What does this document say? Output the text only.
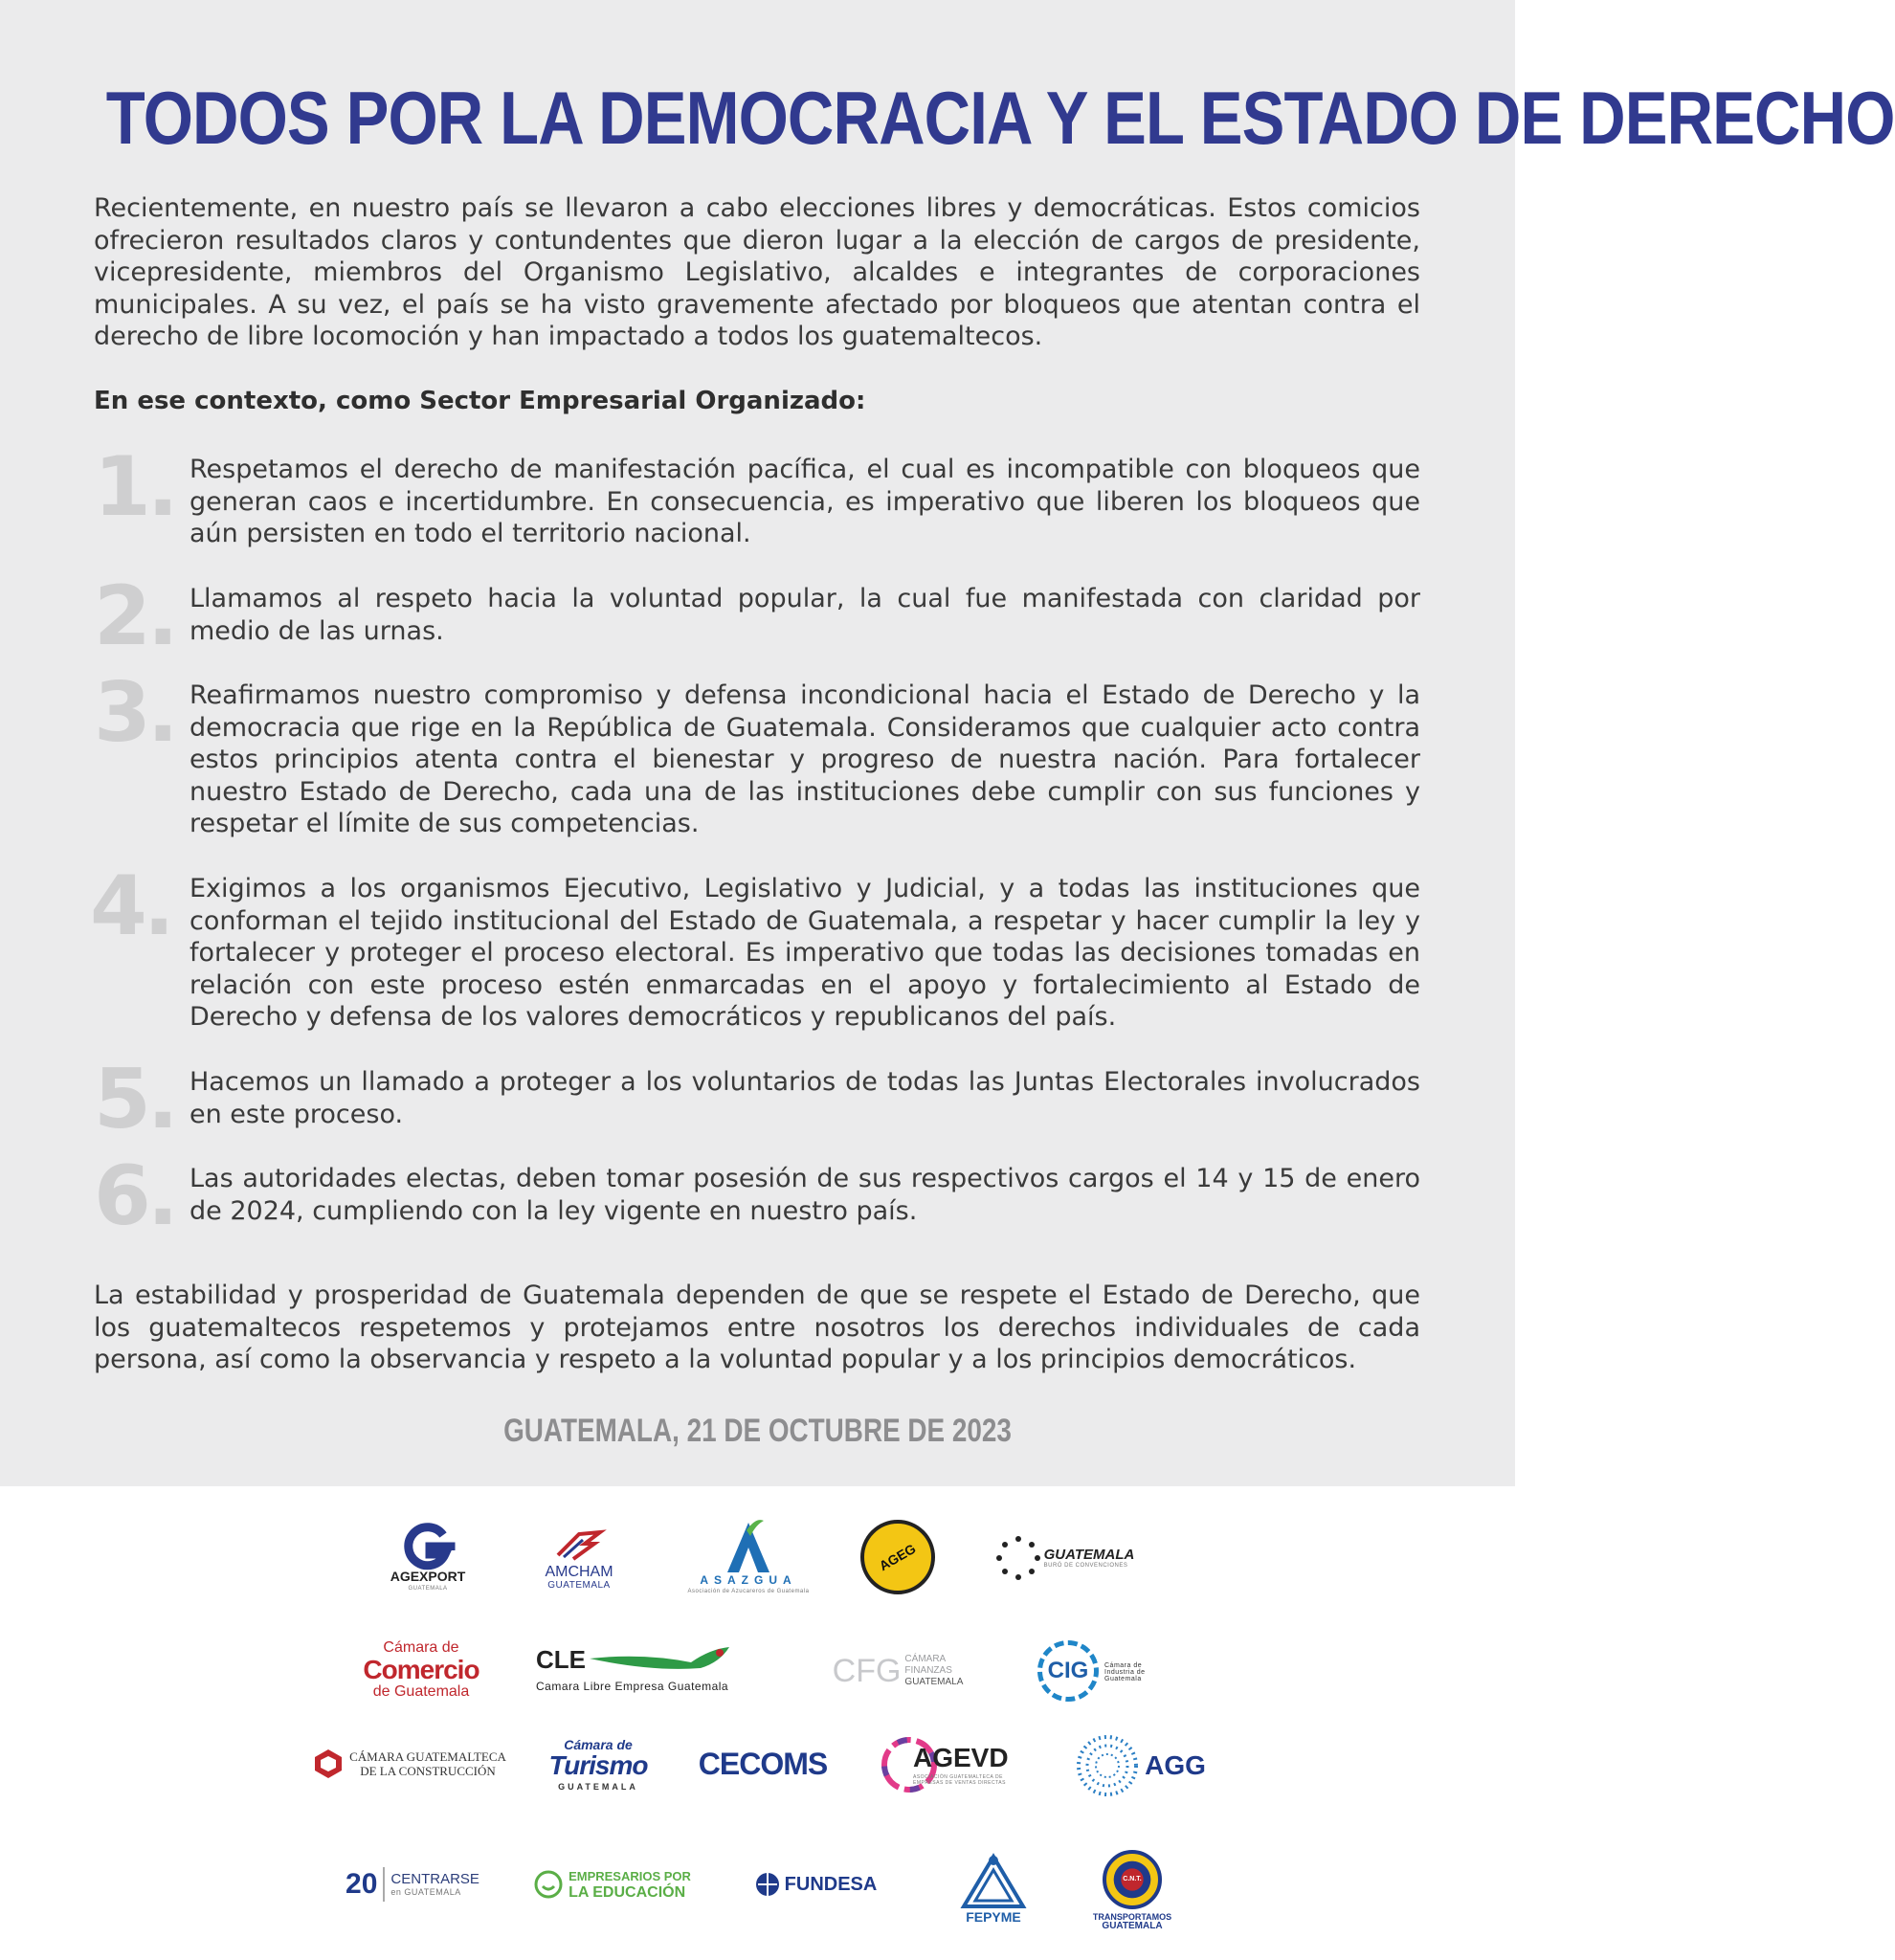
TODOS POR LA DEMOCRACIA Y EL ESTADO DE DERECHO
Recientemente, en nuestro país se llevaron a cabo elecciones libres y democráticas. Estos comicios ofrecieron resultados claros y contundentes que dieron lugar a la elección de cargos de presidente, vicepresidente, miembros del Organismo Legislativo, alcaldes e integrantes de corporaciones municipales. A su vez, el país se ha visto gravemente afectado por bloqueos que atentan contra el derecho de libre locomoción y han impactado a todos los guatemaltecos.
En ese contexto, como Sector Empresarial Organizado:
1. Respetamos el derecho de manifestación pacífica, el cual es incompatible con bloqueos que generan caos e incertidumbre. En consecuencia, es imperativo que liberen los bloqueos que aún persisten en todo el territorio nacional.
2. Llamamos al respeto hacia la voluntad popular, la cual fue manifestada con claridad por medio de las urnas.
3. Reafirmamos nuestro compromiso y defensa incondicional hacia el Estado de Derecho y la democracia que rige en la República de Guatemala. Consideramos que cualquier acto contra estos principios atenta contra el bienestar y progreso de nuestra nación. Para fortalecer nuestro Estado de Derecho, cada una de las instituciones debe cumplir con sus funciones y respetar el límite de sus competencias.
4. Exigimos a los organismos Ejecutivo, Legislativo y Judicial, y a todas las instituciones que conforman el tejido institucional del Estado de Guatemala, a respetar y hacer cumplir la ley y fortalecer y proteger el proceso electoral. Es imperativo que todas las decisiones tomadas en relación con este proceso estén enmarcadas en el apoyo y fortalecimiento al Estado de Derecho y defensa de los valores democráticos y republicanos del país.
5. Hacemos un llamado a proteger a los voluntarios de todas las Juntas Electorales involucrados en este proceso.
6. Las autoridades electas, deben tomar posesión de sus respectivos cargos el 14 y 15 de enero de 2024, cumpliendo con la ley vigente en nuestro país.
La estabilidad y prosperidad de Guatemala dependen de que se respete el Estado de Derecho, que los guatemaltecos respetemos y protejamos entre nosotros los derechos individuales de cada persona, así como la observancia y respeto a la voluntad popular y a los principios democráticos.
GUATEMALA, 21 DE OCTUBRE DE 2023
AGEXPORT
GUATEMALA
AMCHAM
GUATEMALA	ASAZGUA
Asociación de Azucareros de Guatemala
AGEG	GUATEMALA
BURÓ DE CONVENCIONES
Cámara de
Comercio
de Guatemala
CLE
Camara Libre Empresa Guatemala	CFG CÁMARA
FINANZAS
GUATEMALA	CIG Cámara de Industria de Guatemala
CÁMARA GUATEMALTECA
DE LA CONSTRUCCIÓN
Cámara de
Turismo
GUATEMALA
CECOMS	AGEVD
ASOCIACIÓN GUATEMALTECA DE EMPRESAS DE VENTAS DIRECTAS
AGG
20 CENTRARSE
en GUATEMALA
EMPRESARIOS POR
LA EDUCACIÓN	FUNDESA
FEPYME
C.N.T.
TRANSPORTAMOS
GUATEMALA
